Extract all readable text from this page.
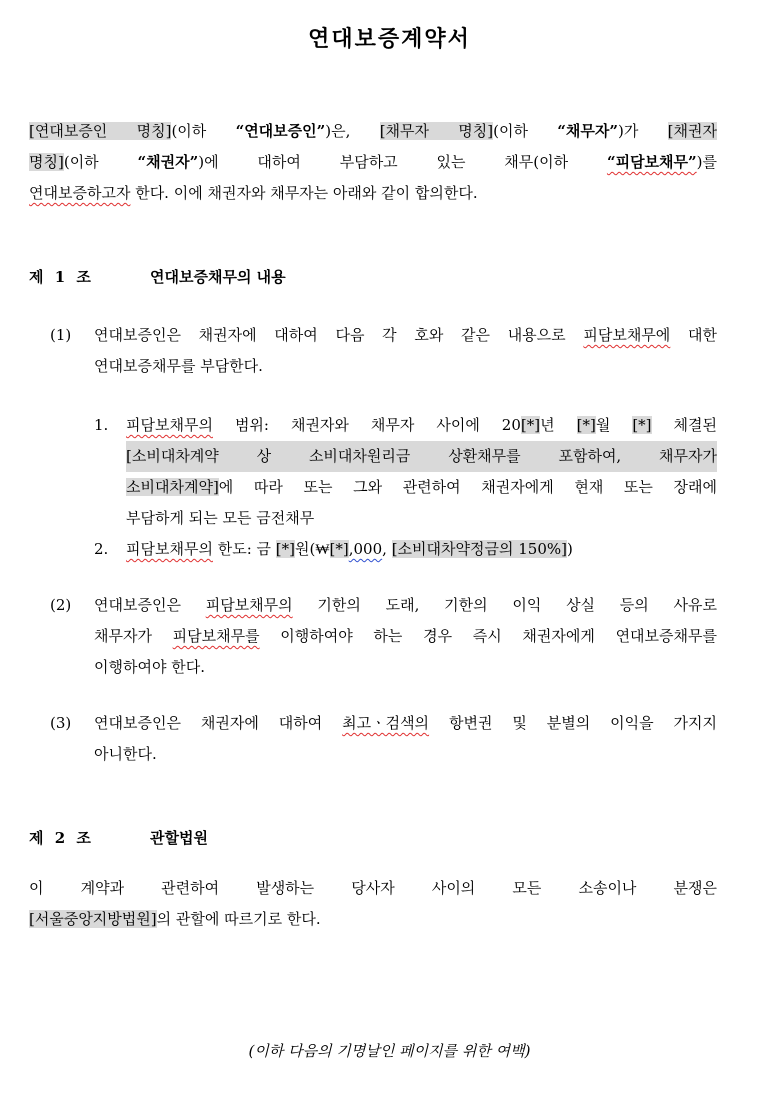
연대보증계약서
[연대보증인 명칭](이하 “연대보증인”)은, [채무자 명칭](이하 “채무자”)가 [채권자
명칭](이하 “채권자”)에 대하여 부담하고 있는 채무(이하 “피담보채무”)를
연대보증하고자 한다. 이에 채권자와 채무자는 아래와 같이 합의한다.
제 1 조	연대보증채무의 내용
(1) 연대보증인은 채권자에 대하여 다음 각 호와 같은 내용으로 피담보채무에 대한
연대보증채무를 부담한다.
1. 피담보채무의 범위: 채권자와 채무자 사이에 20[*]년 [*]월 [*] 체결된
[소비대차계약 상 소비대차원리금 상환채무를 포함하여, 채무자가
소비대차계약]에 따라 또는 그와 관련하여 채권자에게 현재 또는 장래에
부담하게 되는 모든 금전채무
2. 피담보채무의 한도: 금 [*]원(₩[*],000, [소비대차약정금의 150%])
(2) 연대보증인은 피담보채무의 기한의 도래, 기한의 이익 상실 등의 사유로
채무자가 피담보채무를 이행하여야 하는 경우 즉시 채권자에게 연대보증채무를
이행하여야 한다.
(3) 연대보증인은 채권자에 대하여 최고ㆍ검색의 항변권 및 분별의 이익을 가지지
아니한다.
제 2 조	관할법원
이 계약과 관련하여 발생하는 당사자 사이의 모든 소송이나 분쟁은
[서울중앙지방법원]의 관할에 따르기로 한다.
(이하 다음의 기명날인 페이지를 위한 여백)
